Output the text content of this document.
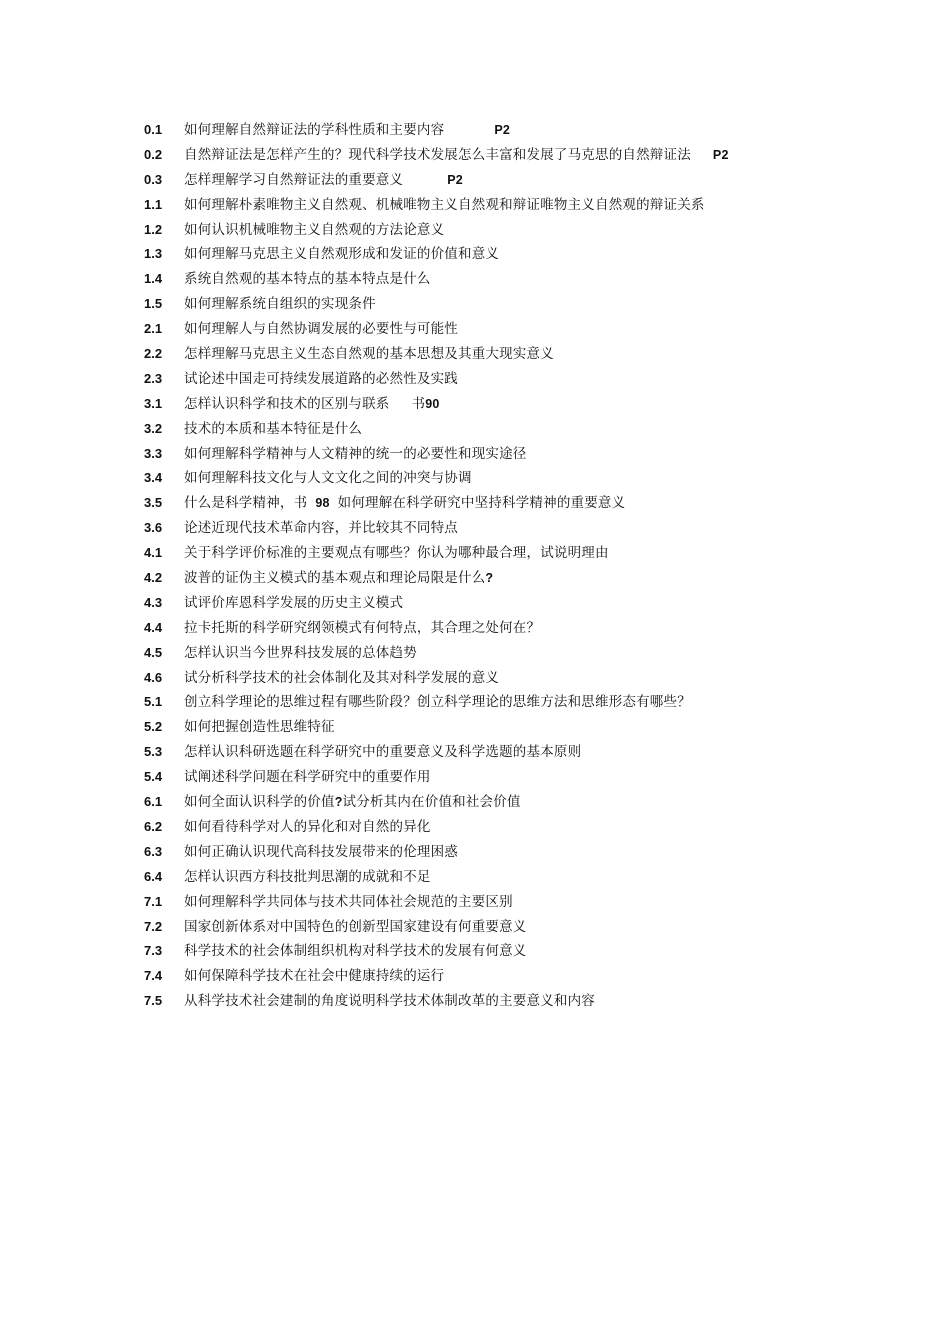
0.1	如何理解自然辩证法的学科性质和主要内容	P2
0.2	自然辩证法是怎样产生的？现代科学技术发展怎么丰富和发展了马克思的自然辩证法 P2
0.3	怎样理解学习自然辩证法的重要意义	P2
1.1	如何理解朴素唯物主义自然观、机械唯物主义自然观和辩证唯物主义自然观的辩证关系
1.2	如何认识机械唯物主义自然观的方法论意义
1.3	如何理解马克思主义自然观形成和发证的价值和意义
1.4	系统自然观的基本特点的基本特点是什么
1.5	如何理解系统自组织的实现条件
2.1	如何理解人与自然协调发展的必要性与可能性
2.2	怎样理解马克思主义生态自然观的基本思想及其重大现实意义
2.3	试论述中国走可持续发展道路的必然性及实践
3.1	怎样认识科学和技术的区别与联系 书 90
3.2	技术的本质和基本特征是什么
3.3	如何理解科学精神与人文精神的统一的必要性和现实途径
3.4	如何理解科技文化与人文文化之间的冲突与协调
3.5	什么是科学精神，书 98 如何理解在科学研究中坚持科学精神的重要意义
3.6	论述近现代技术革命内容，并比较其不同特点
4.1	关于科学评价标准的主要观点有哪些？你认为哪种最合理，试说明理由
4.2	波普的证伪主义模式的基本观点和理论局限是什么 ?
4.3	试评价库恩科学发展的历史主义模式
4.4	拉卡托斯的科学研究纲领模式有何特点，其合理之处何在？
4.5	怎样认识当今世界科技发展的总体趋势
4.6	试分析科学技术的社会体制化及其对科学发展的意义
5.1	创立科学理论的思维过程有哪些阶段？创立科学理论的思维方法和思维形态有哪些？
5.2	如何把握创造性思维特征
5.3	怎样认识科研选题在科学研究中的重要意义及科学选题的基本原则
5.4	试阐述科学问题在科学研究中的重要作用
6.1	如何全面认识科学的价值 ? 试分析其内在价值和社会价值
6.2	如何看待科学对人的异化和对自然的异化
6.3	如何正确认识现代高科技发展带来的伦理困惑
6.4	怎样认识西方科技批判思潮的成就和不足
7.1	如何理解科学共同体与技术共同体社会规范的主要区别
7.2	国家创新体系对中国特色的创新型国家建设有何重要意义
7.3	科学技术的社会体制组织机构对科学技术的发展有何意义
7.4	如何保障科学技术在社会中健康持续的运行
7.5	从科学技术社会建制的角度说明科学技术体制改革的主要意义和内容
